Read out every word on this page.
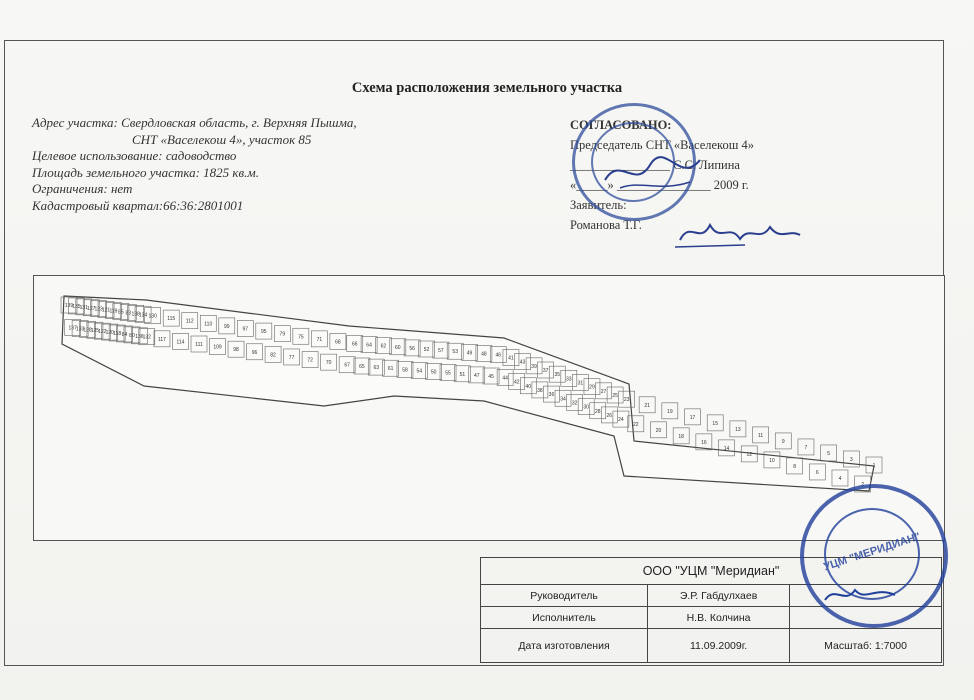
Схема расположения земельного участка
Адрес участка: Свердловская область, г. Верхняя Пышма,
СНТ «Васелекош 4», участок 85
Целевое использование: садоводство
Площадь земельного участка: 1825 кв.м.
Ограничения: нет
Кадастровый квартал:66:36:2801001
СОГЛАСОВАНО:
Председатель СНТ «Васелекош 4»
________________ С.С. Липина
«_____» _______________ 2009 г.
Заявитель:
Романова Т.Г.
139
137
135
133
131
128
127
125
123
122
121
120
119
118
85
84
83
80
138
136
134
132
130
117
115
114
112
111
110
109
99
98
97
96
95
82
79
77
75
72
71
70
68
67
66
65
64
63
62
61
60
58
56
54
52
50
57
55
53
51
49
47
48
45
46
44
41
42
43
40
39
38
37
36
35
34
33
32
31
30
29
28
27
26
25
24
23
22
21
20
19
18
17
16
15
14
13
12
11
10
9
8
7
6
5
4
3
2
1
ООО "УЦМ "Меридиан"		
Руководитель	Э.Р. Габдулхаев	
Исполнитель	Н.В. Колчина	
Дата изготовления	11.09.2009г.	Масштаб: 1:7000
УЦМ "МЕРИДИАН"
